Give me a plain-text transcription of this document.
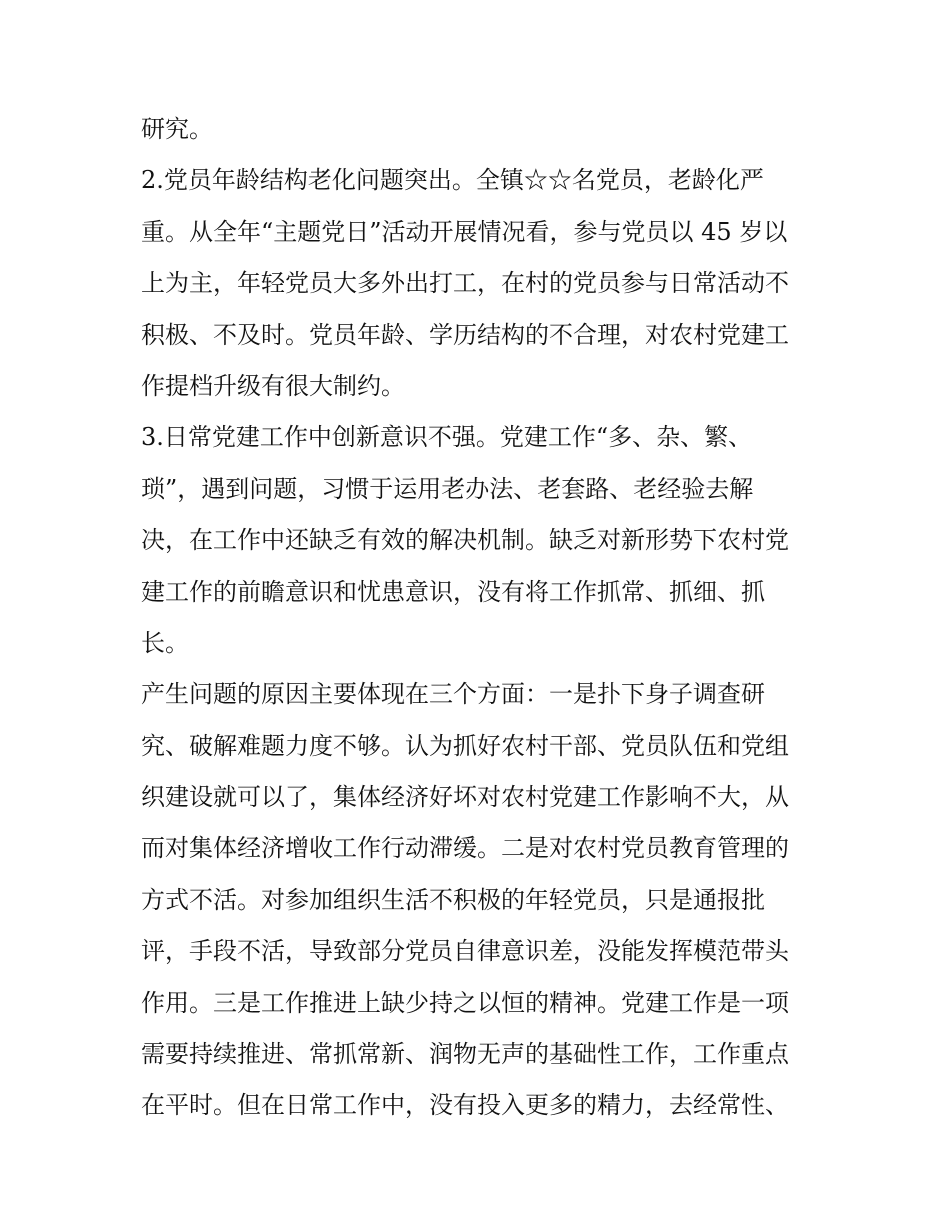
研究。
2.党员年龄结构老化问题突出。全镇☆☆名党员，老龄化严
重。从全年“主题党日”活动开展情况看，参与党员以 45 岁以
上为主，年轻党员大多外出打工，在村的党员参与日常活动不
积极、不及时。党员年龄、学历结构的不合理，对农村党建工
作提档升级有很大制约。
3.日常党建工作中创新意识不强。党建工作“多、杂、繁、
琐”，遇到问题，习惯于运用老办法、老套路、老经验去解
决，在工作中还缺乏有效的解决机制。缺乏对新形势下农村党
建工作的前瞻意识和忧患意识，没有将工作抓常、抓细、抓
长。
产生问题的原因主要体现在三个方面：一是扑下身子调查研
究、破解难题力度不够。认为抓好农村干部、党员队伍和党组
织建设就可以了，集体经济好坏对农村党建工作影响不大，从
而对集体经济增收工作行动滞缓。二是对农村党员教育管理的
方式不活。对参加组织生活不积极的年轻党员，只是通报批
评，手段不活，导致部分党员自律意识差，没能发挥模范带头
作用。三是工作推进上缺少持之以恒的精神。党建工作是一项
需要持续推进、常抓常新、润物无声的基础性工作，工作重点
在平时。但在日常工作中，没有投入更多的精力，去经常性、
